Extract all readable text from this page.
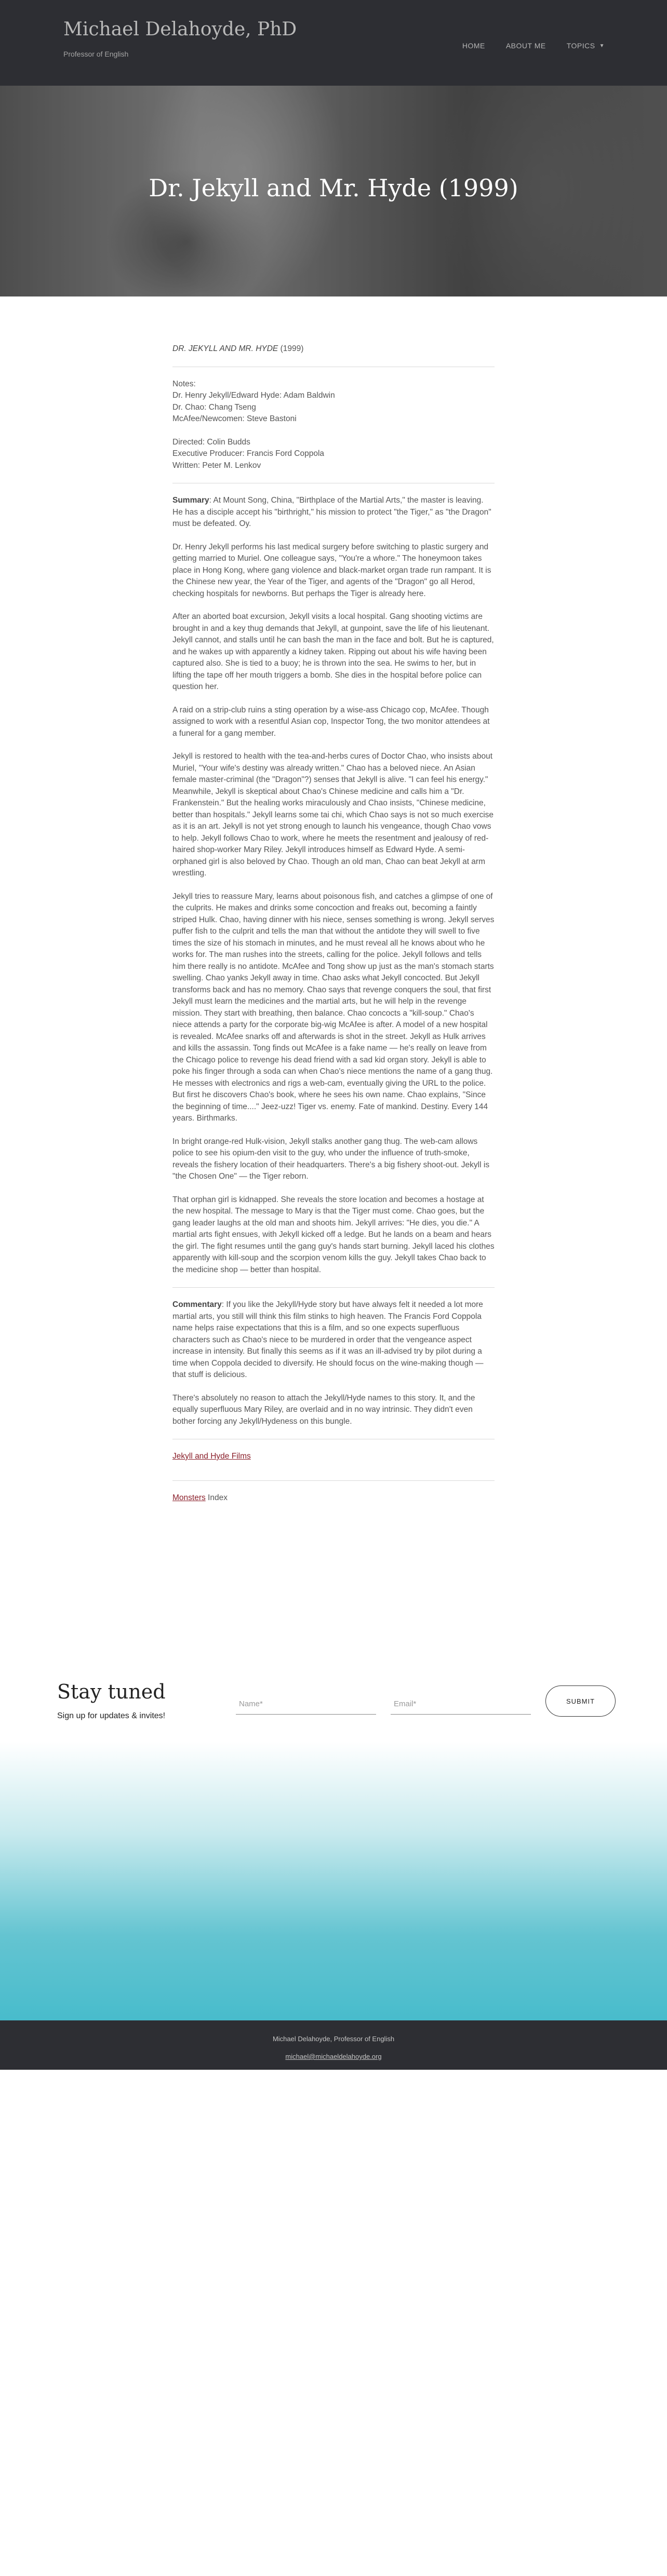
Michael Delahoyde, PhD
Professor of English
HOME	ABOUT ME	TOPICS ▼
Dr. Jekyll and Mr. Hyde (1999)

DR. JEKYLL AND MR. HYDE (1999)

Notes:
Dr. Henry Jekyll/Edward Hyde: Adam Baldwin
Dr. Chao: Chang Tseng
McAfee/Newcomen: Steve Bastoni

Directed: Colin Budds
Executive Producer: Francis Ford Coppola
Written: Peter M. Lenkov

Summary: At Mount Song, China, "Birthplace of the Martial Arts," the master is leaving. He has a disciple accept his "birthright," his mission to protect "the Tiger," as "the Dragon" must be defeated. Oy.

Dr. Henry Jekyll performs his last medical surgery before switching to plastic surgery and getting married to Muriel. One colleague says, "You're a whore." The honeymoon takes place in Hong Kong, where gang violence and black-market organ trade run rampant. It is the Chinese new year, the Year of the Tiger, and agents of the "Dragon" go all Herod, checking hospitals for newborns. But perhaps the Tiger is already here.

After an aborted boat excursion, Jekyll visits a local hospital. Gang shooting victims are brought in and a key thug demands that Jekyll, at gunpoint, save the life of his lieutenant. Jekyll cannot, and stalls until he can bash the man in the face and bolt. But he is captured, and he wakes up with apparently a kidney taken. Ripping out about his wife having been captured also. She is tied to a buoy; he is thrown into the sea. He swims to her, but in lifting the tape off her mouth triggers a bomb. She dies in the hospital before police can question her.

A raid on a strip-club ruins a sting operation by a wise-ass Chicago cop, McAfee. Though assigned to work with a resentful Asian cop, Inspector Tong, the two monitor attendees at a funeral for a gang member.

Jekyll is restored to health with the tea-and-herbs cures of Doctor Chao, who insists about Muriel, "Your wife's destiny was already written." Chao has a beloved niece. An Asian female master-criminal (the "Dragon"?) senses that Jekyll is alive. "I can feel his energy." Meanwhile, Jekyll is skeptical about Chao's Chinese medicine and calls him a "Dr. Frankenstein." But the healing works miraculously and Chao insists, "Chinese medicine, better than hospitals." Jekyll learns some tai chi, which Chao says is not so much exercise as it is an art. Jekyll is not yet strong enough to launch his vengeance, though Chao vows to help. Jekyll follows Chao to work, where he meets the resentment and jealousy of red-haired shop-worker Mary Riley. Jekyll introduces himself as Edward Hyde. A semi-orphaned girl is also beloved by Chao. Though an old man, Chao can beat Jekyll at arm wrestling.

Jekyll tries to reassure Mary, learns about poisonous fish, and catches a glimpse of one of the culprits. He makes and drinks some concoction and freaks out, becoming a faintly striped Hulk. Chao, having dinner with his niece, senses something is wrong. Jekyll serves puffer fish to the culprit and tells the man that without the antidote they will swell to five times the size of his stomach in minutes, and he must reveal all he knows about who he works for. The man rushes into the streets, calling for the police. Jekyll follows and tells him there really is no antidote. McAfee and Tong show up just as the man's stomach starts swelling. Chao yanks Jekyll away in time. Chao asks what Jekyll concocted. But Jekyll transforms back and has no memory. Chao says that revenge conquers the soul, that first Jekyll must learn the medicines and the martial arts, but he will help in the revenge mission. They start with breathing, then balance. Chao concocts a "kill-soup." Chao's niece attends a party for the corporate big-wig McAfee is after. A model of a new hospital is revealed. McAfee snarks off and afterwards is shot in the street. Jekyll as Hulk arrives and kills the assassin. Tong finds out McAfee is a fake name — he's really on leave from the Chicago police to revenge his dead friend with a sad kid organ story. Jekyll is able to poke his finger through a soda can when Chao's niece mentions the name of a gang thug. He messes with electronics and rigs a web-cam, eventually giving the URL to the police. But first he discovers Chao's book, where he sees his own name. Chao explains, "Since the beginning of time...." Jeez-uzz! Tiger vs. enemy. Fate of mankind. Destiny. Every 144 years. Birthmarks.

In bright orange-red Hulk-vision, Jekyll stalks another gang thug. The web-cam allows police to see his opium-den visit to the guy, who under the influence of truth-smoke, reveals the fishery location of their headquarters. There's a big fishery shoot-out. Jekyll is "the Chosen One" — the Tiger reborn.

That orphan girl is kidnapped. She reveals the store location and becomes a hostage at the new hospital. The message to Mary is that the Tiger must come. Chao goes, but the gang leader laughs at the old man and shoots him. Jekyll arrives: "He dies, you die." A martial arts fight ensues, with Jekyll kicked off a ledge. But he lands on a beam and hears the girl. The fight resumes until the gang guy's hands start burning. Jekyll laced his clothes apparently with kill-soup and the scorpion venom kills the guy. Jekyll takes Chao back to the medicine shop — better than hospital.

Commentary: If you like the Jekyll/Hyde story but have always felt it needed a lot more martial arts, you still will think this film stinks to high heaven. The Francis Ford Coppola name helps raise expectations that this is a film, and so one expects superfluous characters such as Chao's niece to be murdered in order that the vengeance aspect increase in intensity. But finally this seems as if it was an ill-advised try by pilot during a time when Coppola decided to diversify. He should focus on the wine-making though — that stuff is delicious.

There's absolutely no reason to attach the Jekyll/Hyde names to this story. It, and the equally superfluous Mary Riley, are overlaid and in no way intrinsic. They didn't even bother forcing any Jekyll/Hydeness on this bungle.

Jekyll and Hyde Films

Monsters Index

Stay tuned
Sign up for updates & invites!
Name*
Email*
SUBMIT
Michael Delahoyde, Professor of English
michael@michaeldelahoyde.org
